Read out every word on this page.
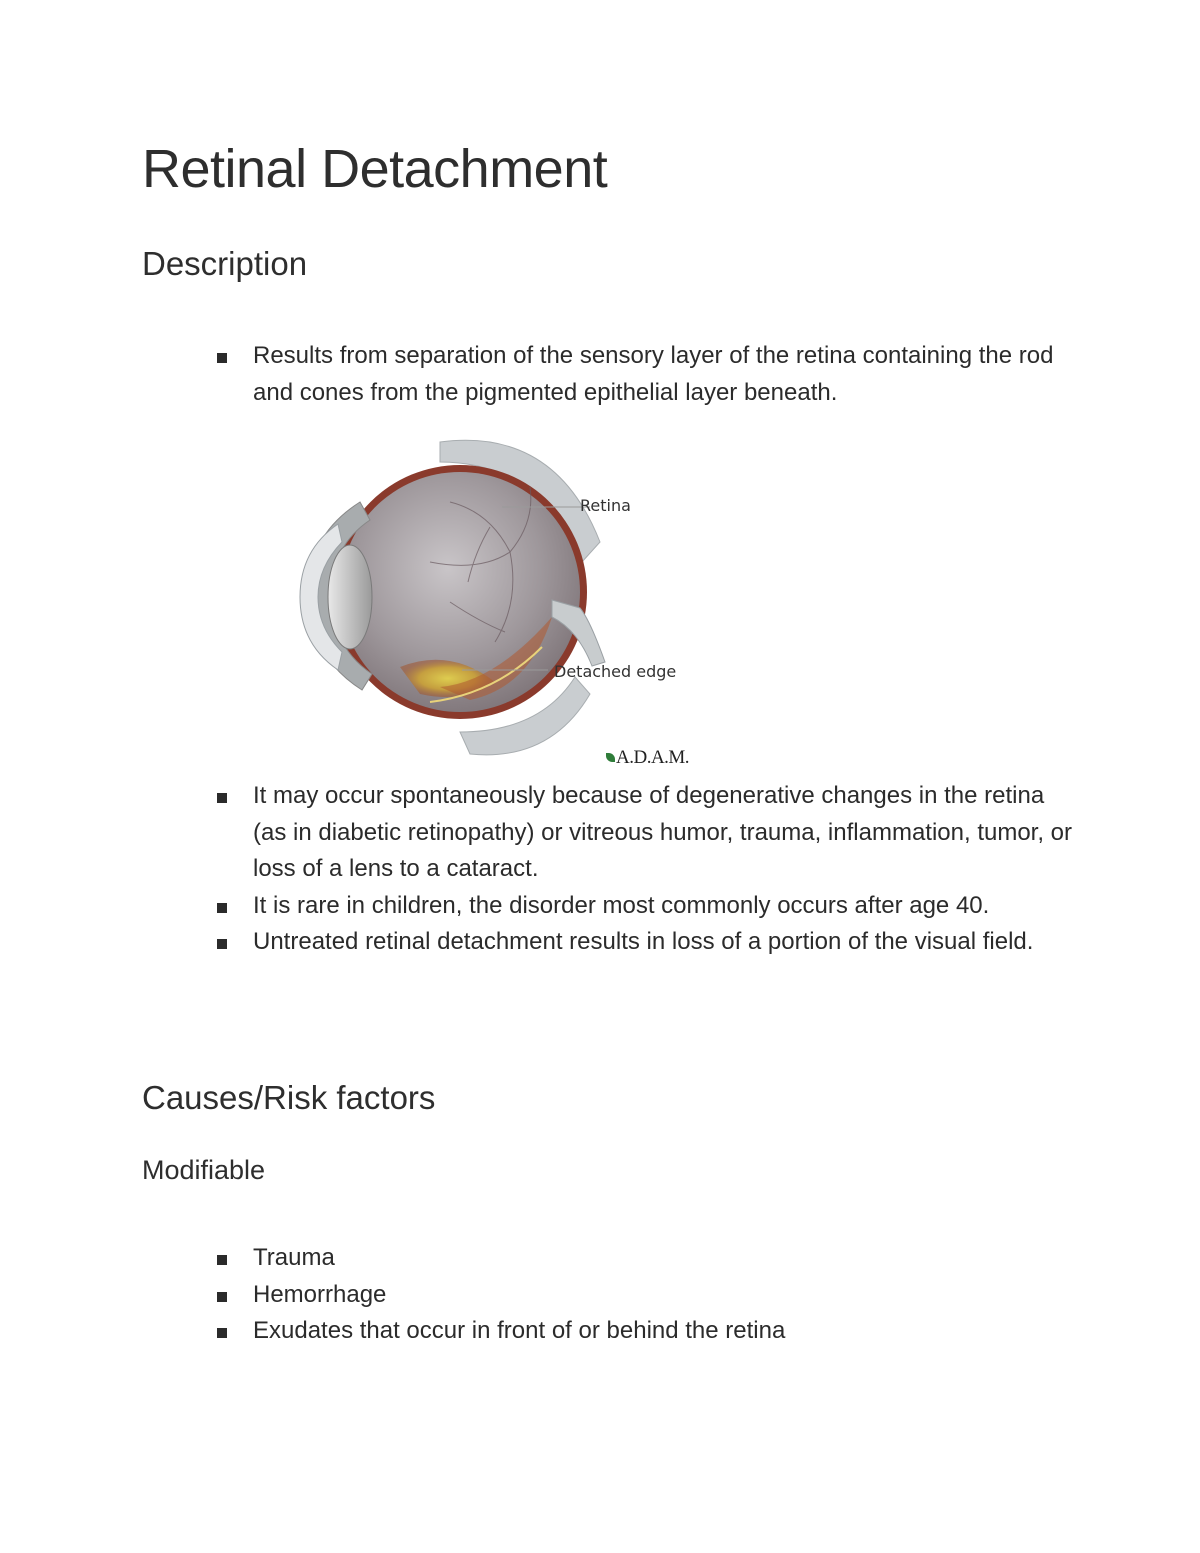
Retinal Detachment
Description
Results from separation of the sensory layer of the retina containing the rod and cones from the pigmented epithelial layer beneath.
Retina
Detached edge
A.D.A.M.
It may occur spontaneously because of degenerative changes in the retina (as in diabetic retinopathy) or vitreous humor, trauma, inflammation, tumor, or loss of a lens to a cataract.
It is rare in children, the disorder most commonly occurs after age 40.
Untreated retinal detachment results in loss of a portion of the visual field.
Causes/Risk factors
Modifiable
Trauma
Hemorrhage
Exudates that occur in front of or behind the retina
